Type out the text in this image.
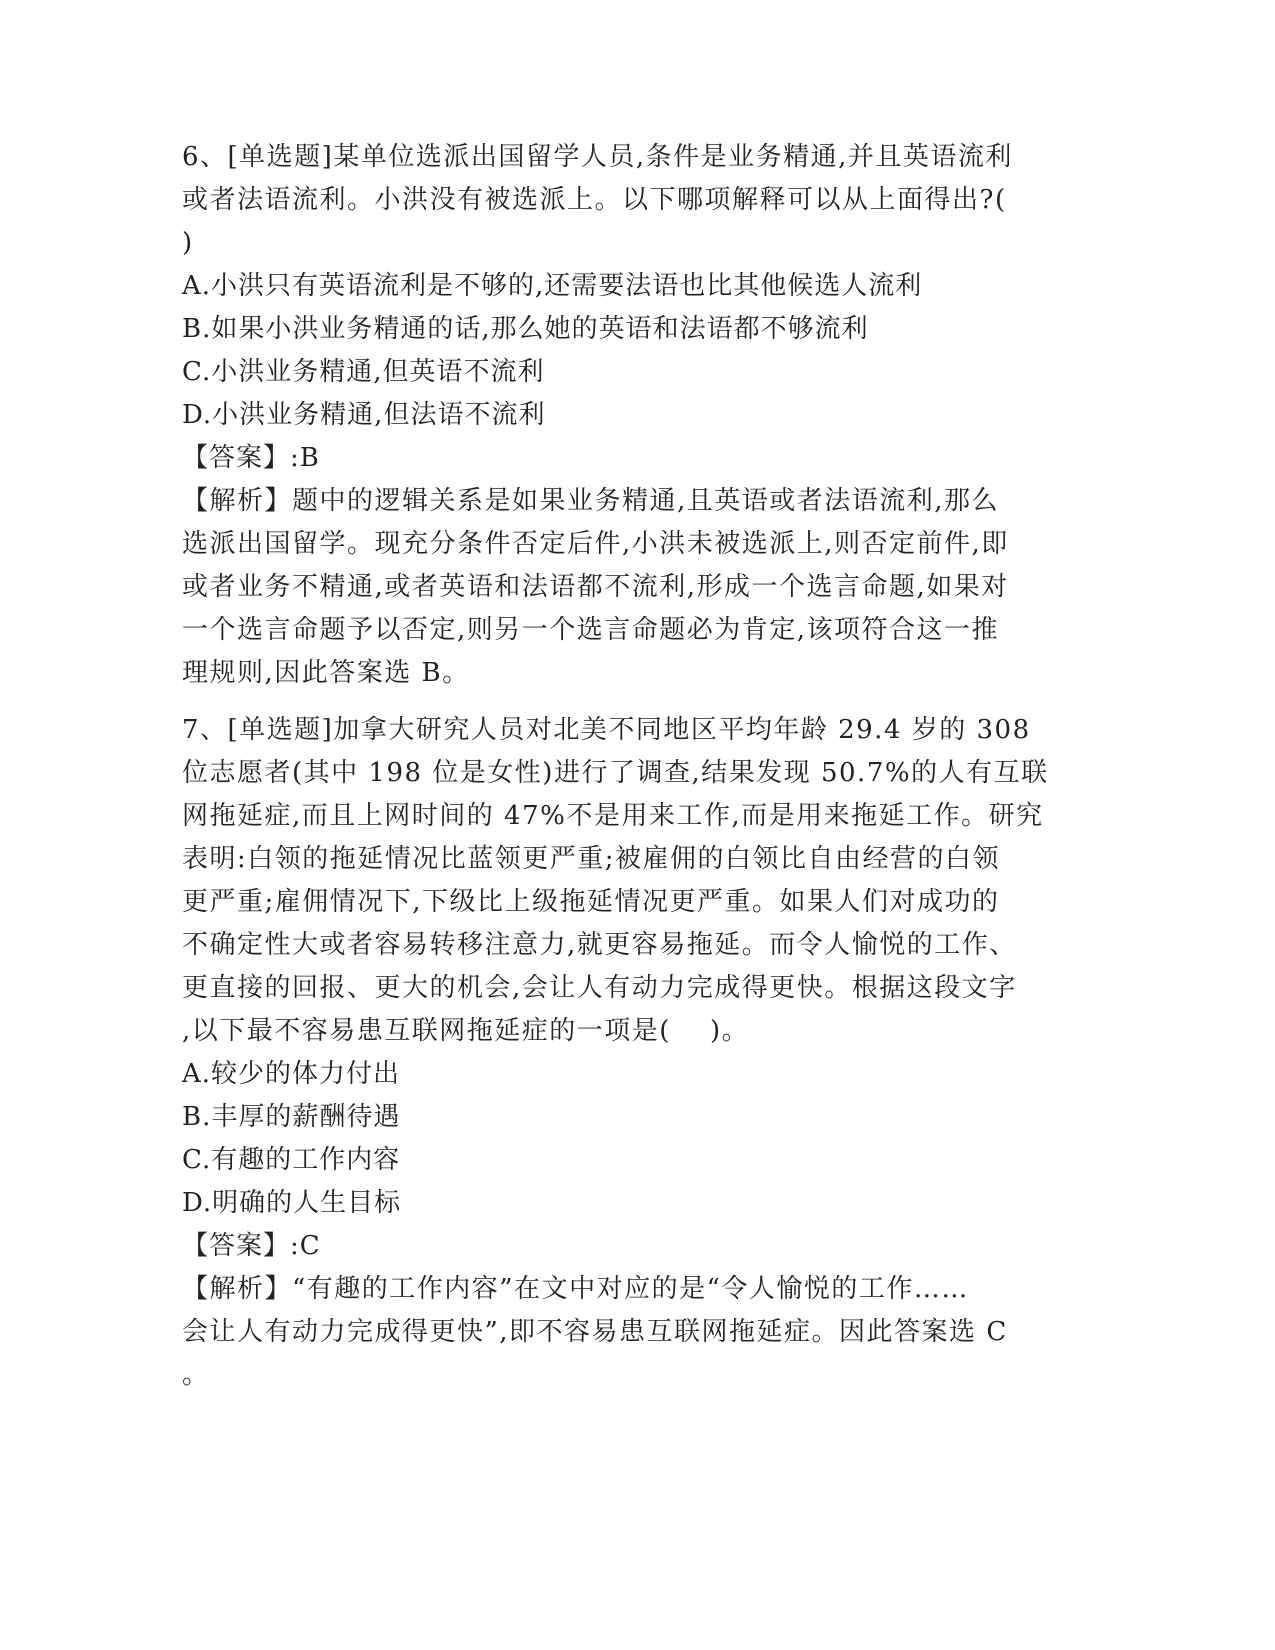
6、[单选题]某单位选派出国留学人员,条件是业务精通,并且英语流利
或者法语流利。小洪没有被选派上。以下哪项解释可以从上面得出?(
)
A.小洪只有英语流利是不够的,还需要法语也比其他候选人流利
B.如果小洪业务精通的话,那么她的英语和法语都不够流利
C.小洪业务精通,但英语不流利
D.小洪业务精通,但法语不流利
【答案】:B
【解析】题中的逻辑关系是如果业务精通,且英语或者法语流利,那么
选派出国留学。现充分条件否定后件,小洪未被选派上,则否定前件,即
或者业务不精通,或者英语和法语都不流利,形成一个选言命题,如果对
一个选言命题予以否定,则另一个选言命题必为肯定,该项符合这一推
理规则,因此答案选 B。
7、[单选题]加拿大研究人员对北美不同地区平均年龄 29.4 岁的 308
位志愿者(其中 198 位是女性)进行了调查,结果发现 50.7%的人有互联
网拖延症,而且上网时间的 47%不是用来工作,而是用来拖延工作。研究
表明:白领的拖延情况比蓝领更严重;被雇佣的白领比自由经营的白领
更严重;雇佣情况下,下级比上级拖延情况更严重。如果人们对成功的
不确定性大或者容易转移注意力,就更容易拖延。而令人愉悦的工作、
更直接的回报、更大的机会,会让人有动力完成得更快。根据这段文字
,以下最不容易患互联网拖延症的一项是(    )。
A.较少的体力付出
B.丰厚的薪酬待遇
C.有趣的工作内容
D.明确的人生目标
【答案】:C
【解析】“有趣的工作内容”在文中对应的是“令人愉悦的工作……
会让人有动力完成得更快”,即不容易患互联网拖延症。因此答案选 C
。
